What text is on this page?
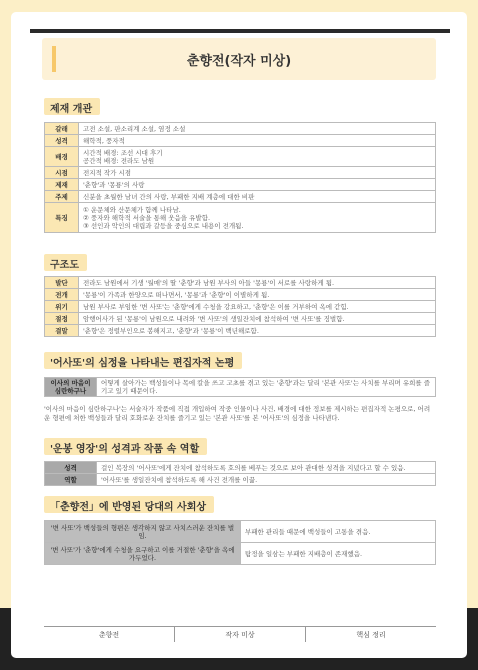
춘향전(작자 미상)
제재 개관
갈래	고전 소설, 판소리계 소설, 염정 소설

성격	해학적, 풍자적

배경	시간적 배경: 조선 시대 후기
공간적 배경: 전라도 남원

시점	전지적 작가 시점

제재	'춘향'과 '몽룡'의 사랑

주제	신분을 초월한 남녀 간의 사랑, 부패한 지배 계층에 대한 비판

특징	① 운문체와 산문체가 함께 나타남.
② 풍자와 해학적 서술을 통해 웃음을 유발함.
③ 선인과 악인의 대립과 갈등을 중심으로 내용이 전개됨.
구조도
발단	전라도 남원에서 기생 '월매'의 딸 '춘향'과 남원 부사의 아들 '몽룡'이 서로를 사랑하게 됨.

전개	'몽룡'이 가족과 한양으로 떠나면서, '몽룡'과 '춘향'이 이별하게 됨.

위기	남원 부사로 부임한 '변 사또'는 '춘향'에게 수청을 강요하고, '춘향'은 이를 거부하여 옥에 갇힘.

절정	암행어사가 된 '몽룡'이 남원으로 내려와 '변 사또'의 생일잔치에 참석하여 '변 사또'를 징벌함.

결말	'춘향'은 정렬부인으로 봉해지고, '춘향'과 '몽룡'이 백년해로함.
'어사또'의 심정을 나타내는 편집자적 논평
이사의 마음이 심란하구나	어떻게 살아가는 백성들이나 목에 칼을 쓰고 고초를 겪고 있는 '춘향'과는 달리 '본관 사또'는 사치를 부리며 유희를 즐기고 있기 때문이다.
'이사의 마음이 심란하구나'는 서술자가 작품에 직접 개입하여 작중 인물이나 사건, 배경에 대한 정보를 제시하는 편집자적 논평으로, 어려운 형편에 처한 백성들과 달리 호화로운 잔치를 즐기고 있는 '본관 사또'를 본 '어사또'의 심정을 나타낸다.
'운봉 영장'의 성격과 작품 속 역할
성격	걸인 복장의 '어사또'에게 잔치에 참석하도록 호의를 베푸는 것으로 보아 관대한 성격을 지녔다고 할 수 있음.

역할	'어사또'를 생일잔치에 참석하도록 해 사건 전개를 이끎.
「춘향전」에 반영된 당대의 사회상
'변 사또'가 백성들의 형편은 생각하지 않고 사치스러운 잔치를 벌임.	부패한 관리들 때문에 백성들이 고통을 겪음.

'변 사또'가 '춘향'에게 수청을 요구하고 이를 거절한 '춘향'을 옥에 가두었다.	탐정을 일삼는 부패한 지배층이 존재했음.
춘향전	작자 미상	핵심 정리
